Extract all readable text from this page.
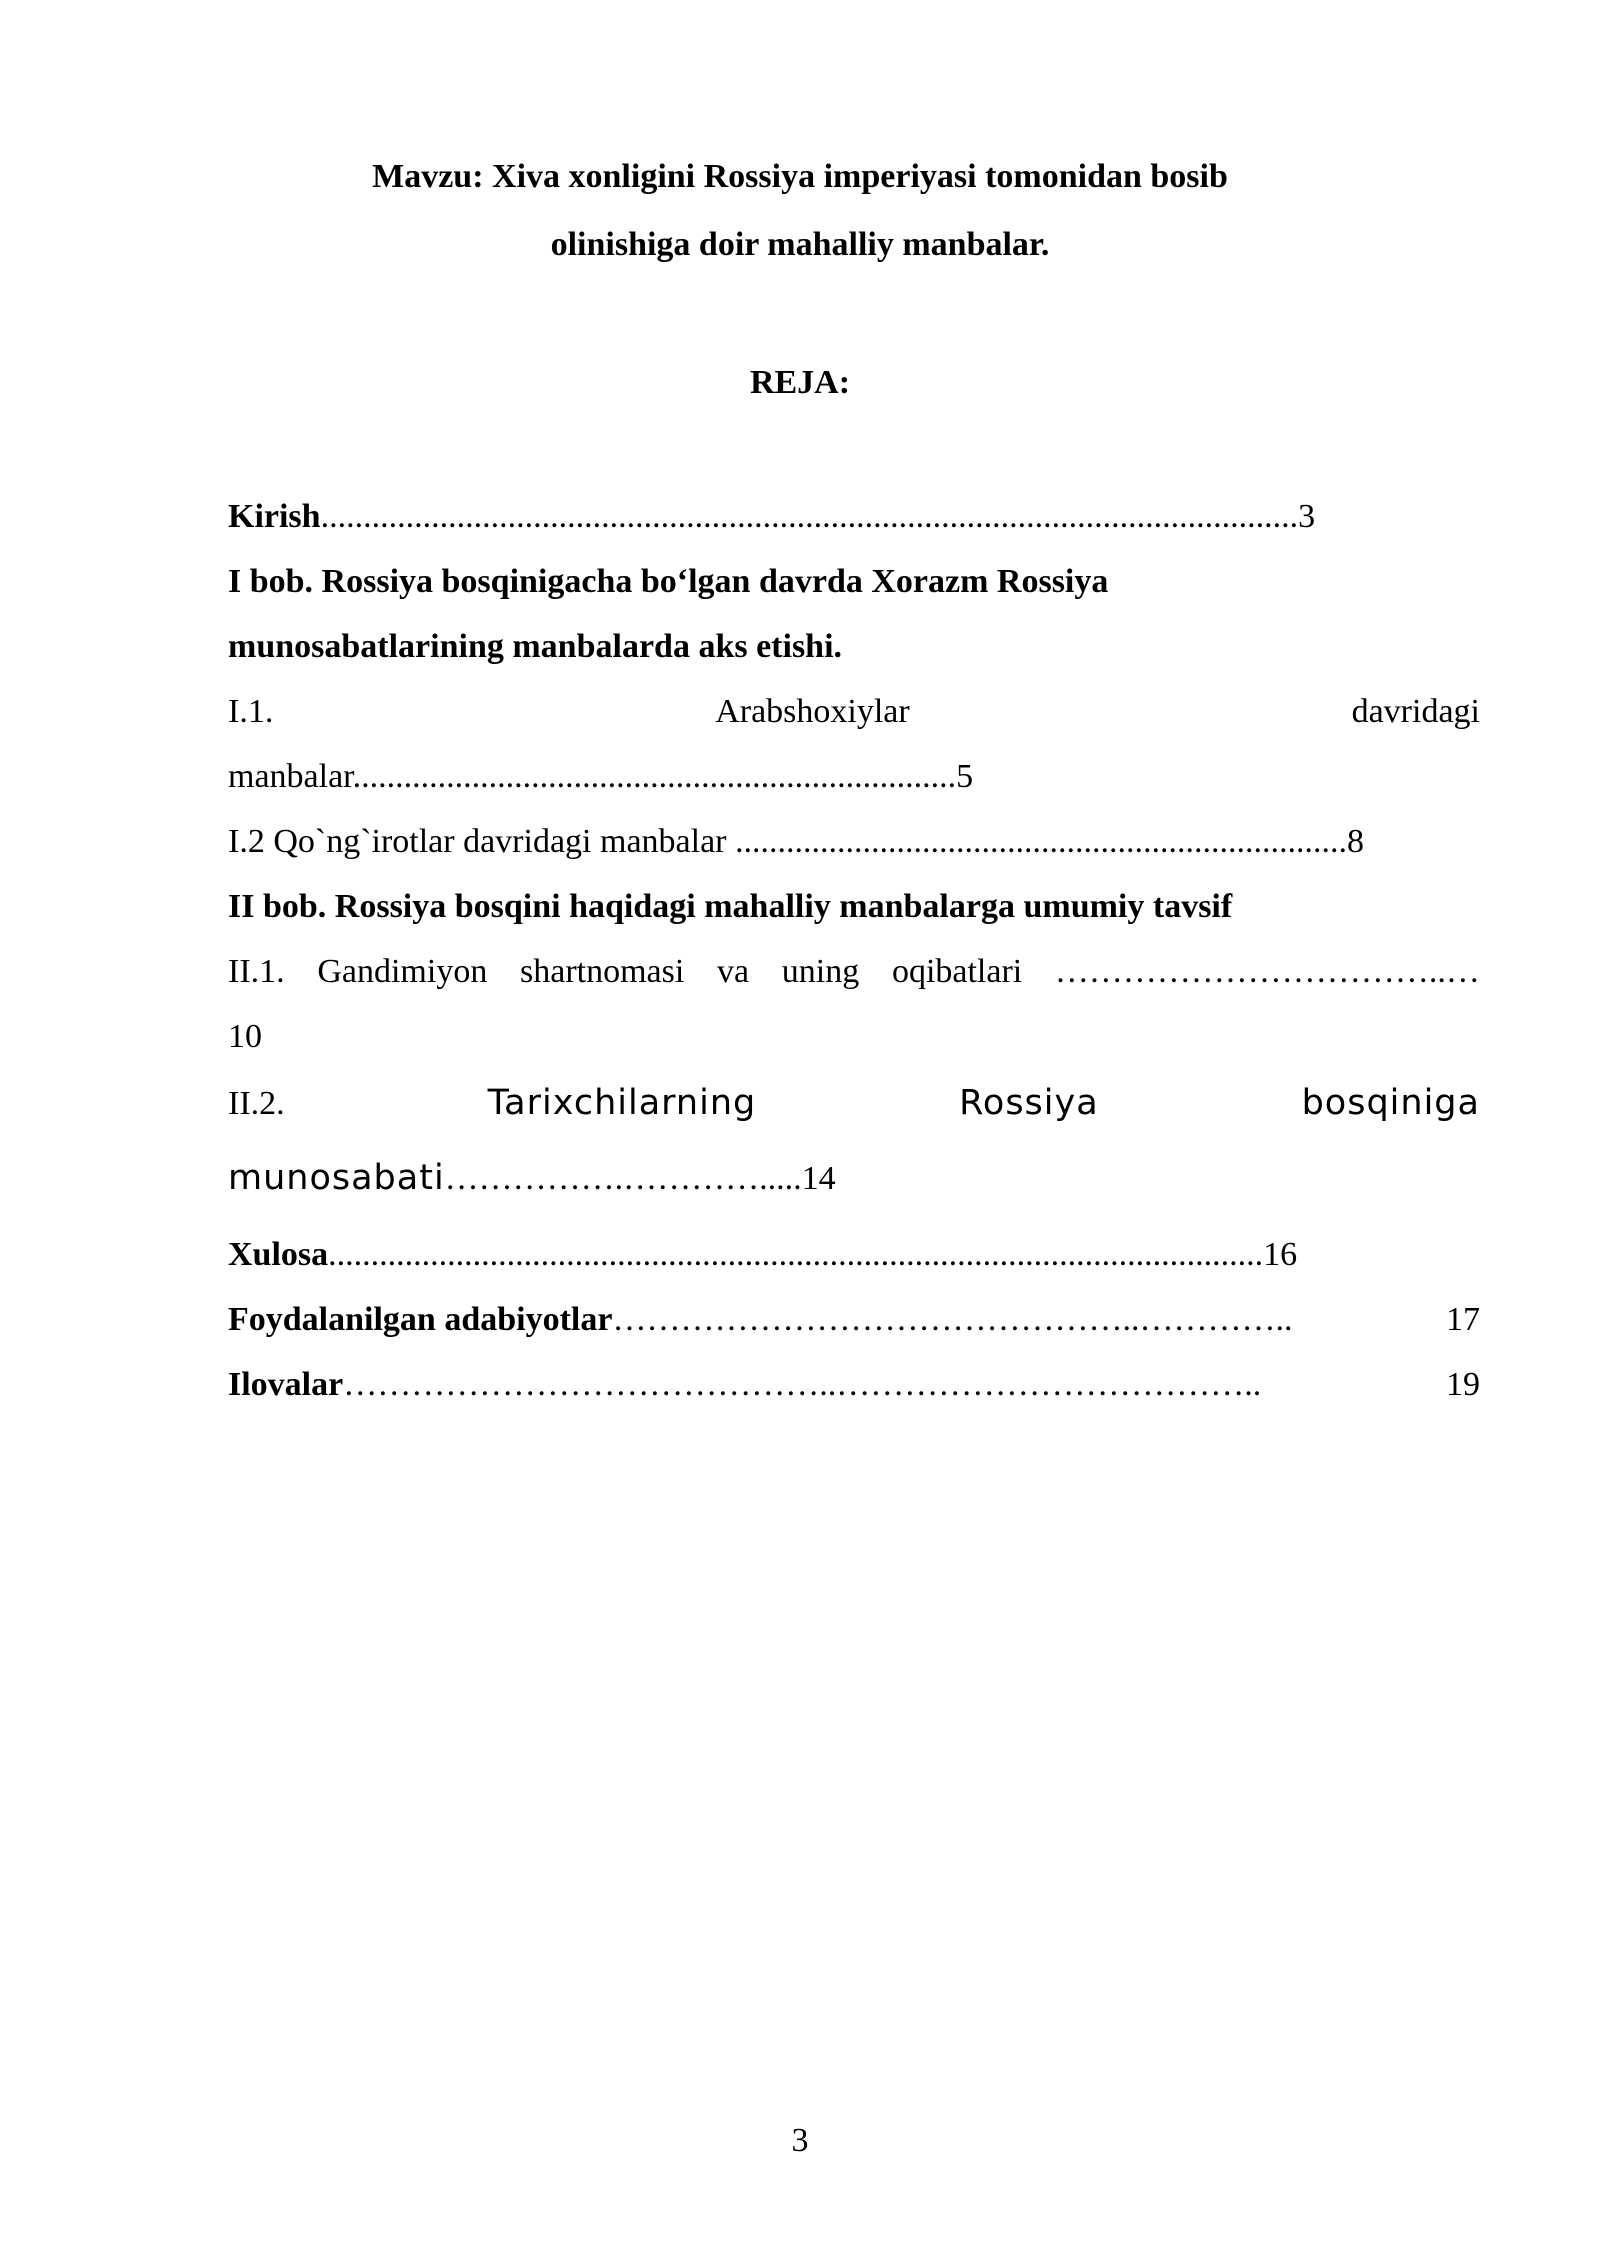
Mavzu: Xiva xonligini Rossiya imperiyasi tomonidan bosib
olinishiga doir mahalliy manbalar.
REJA:
Kirish...................................................................................................................3
I bob. Rossiya bosqinigacha bo‘lgan davrda Xorazm Rossiya
munosabatlarining manbalarda aks etishi.
I.1.	Arabshoxiylar	davridagi
manbalar.......................................................................5
I.2 Qo`ng`irotlar davridagi manbalar ........................................................................8
II bob. Rossiya bosqini haqidagi mahalliy manbalarga umumiy tavsif
II.1. Gandimiyon shartnomasi va uning oqibatlari ……………………………..…
10
II.2.	Tarixchilarning	Rossiya	bosqiniga
munosabati…………….………….....14
Xulosa..............................................................................................................16
Foydalanilgan adabiyotlar………………………………………..…………..	17
Ilovalar……………………………………..………………………………..	19
3
